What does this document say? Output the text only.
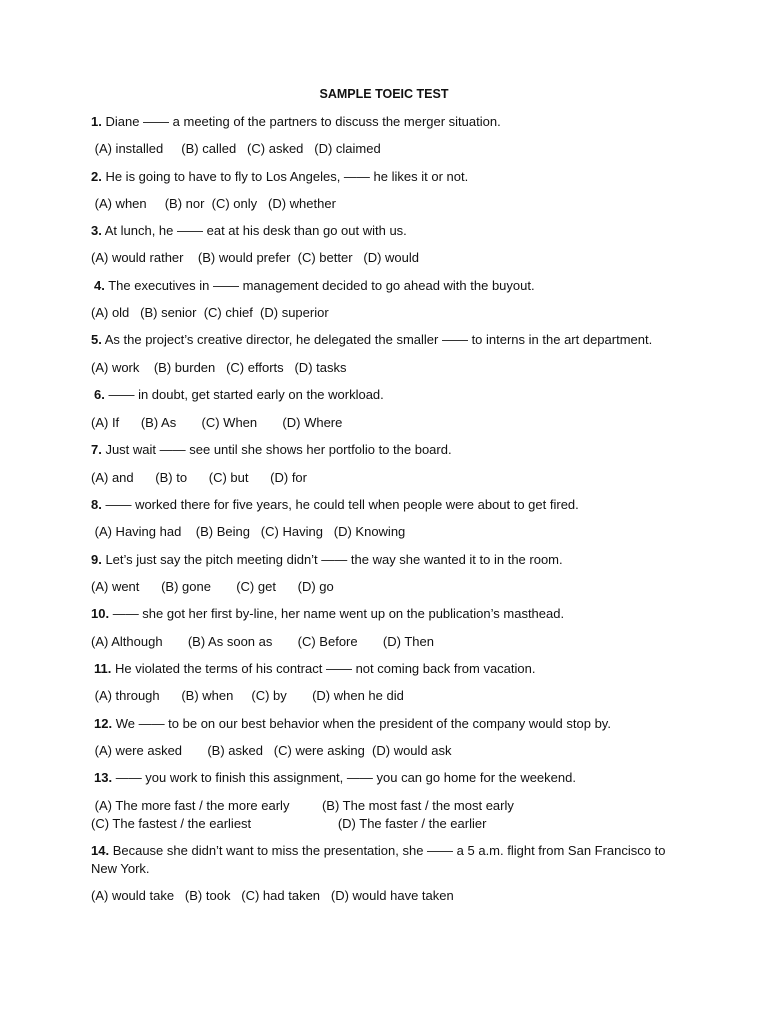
SAMPLE TOEIC TEST
1. Diane —— a meeting of the partners to discuss the merger situation.
(A) installed     (B) called   (C) asked   (D) claimed
2. He is going to have to fly to Los Angeles, —— he likes it or not.
(A) when     (B) nor  (C) only   (D) whether
3. At lunch, he —— eat at his desk than go out with us.
(A) would rather    (B) would prefer  (C) better   (D) would
4. The executives in —— management decided to go ahead with the buyout.
(A) old   (B) senior  (C) chief  (D) superior
5. As the project’s creative director, he delegated the smaller —— to interns in the art department.
(A) work    (B) burden   (C) efforts   (D) tasks
6. —— in doubt, get started early on the workload.
(A) If      (B) As       (C) When       (D) Where
7. Just wait —— see until she shows her portfolio to the board.
(A) and      (B) to      (C) but      (D) for
8. —— worked there for five years, he could tell when people were about to get fired.
(A) Having had    (B) Being   (C) Having   (D) Knowing
9. Let’s just say the pitch meeting didn’t —— the way she wanted it to in the room.
(A) went      (B) gone       (C) get      (D) go
10. —— she got her first by-line, her name went up on the publication’s masthead.
(A) Although       (B) As soon as       (C) Before       (D) Then
11. He violated the terms of his contract —— not coming back from vacation.
(A) through      (B) when     (C) by       (D) when he did
12. We —— to be on our best behavior when the president of the company would stop by.
(A) were asked       (B) asked   (C) were asking  (D) would ask
13. —— you work to finish this assignment, —— you can go home for the weekend.
(A) The more fast / the more early         (B) The most fast / the most early
(C) The fastest / the earliest                        (D) The faster / the earlier
14. Because she didn’t want to miss the presentation, she —— a 5 a.m. flight from San Francisco to
New York.
(A) would take   (B) took   (C) had taken   (D) would have taken
